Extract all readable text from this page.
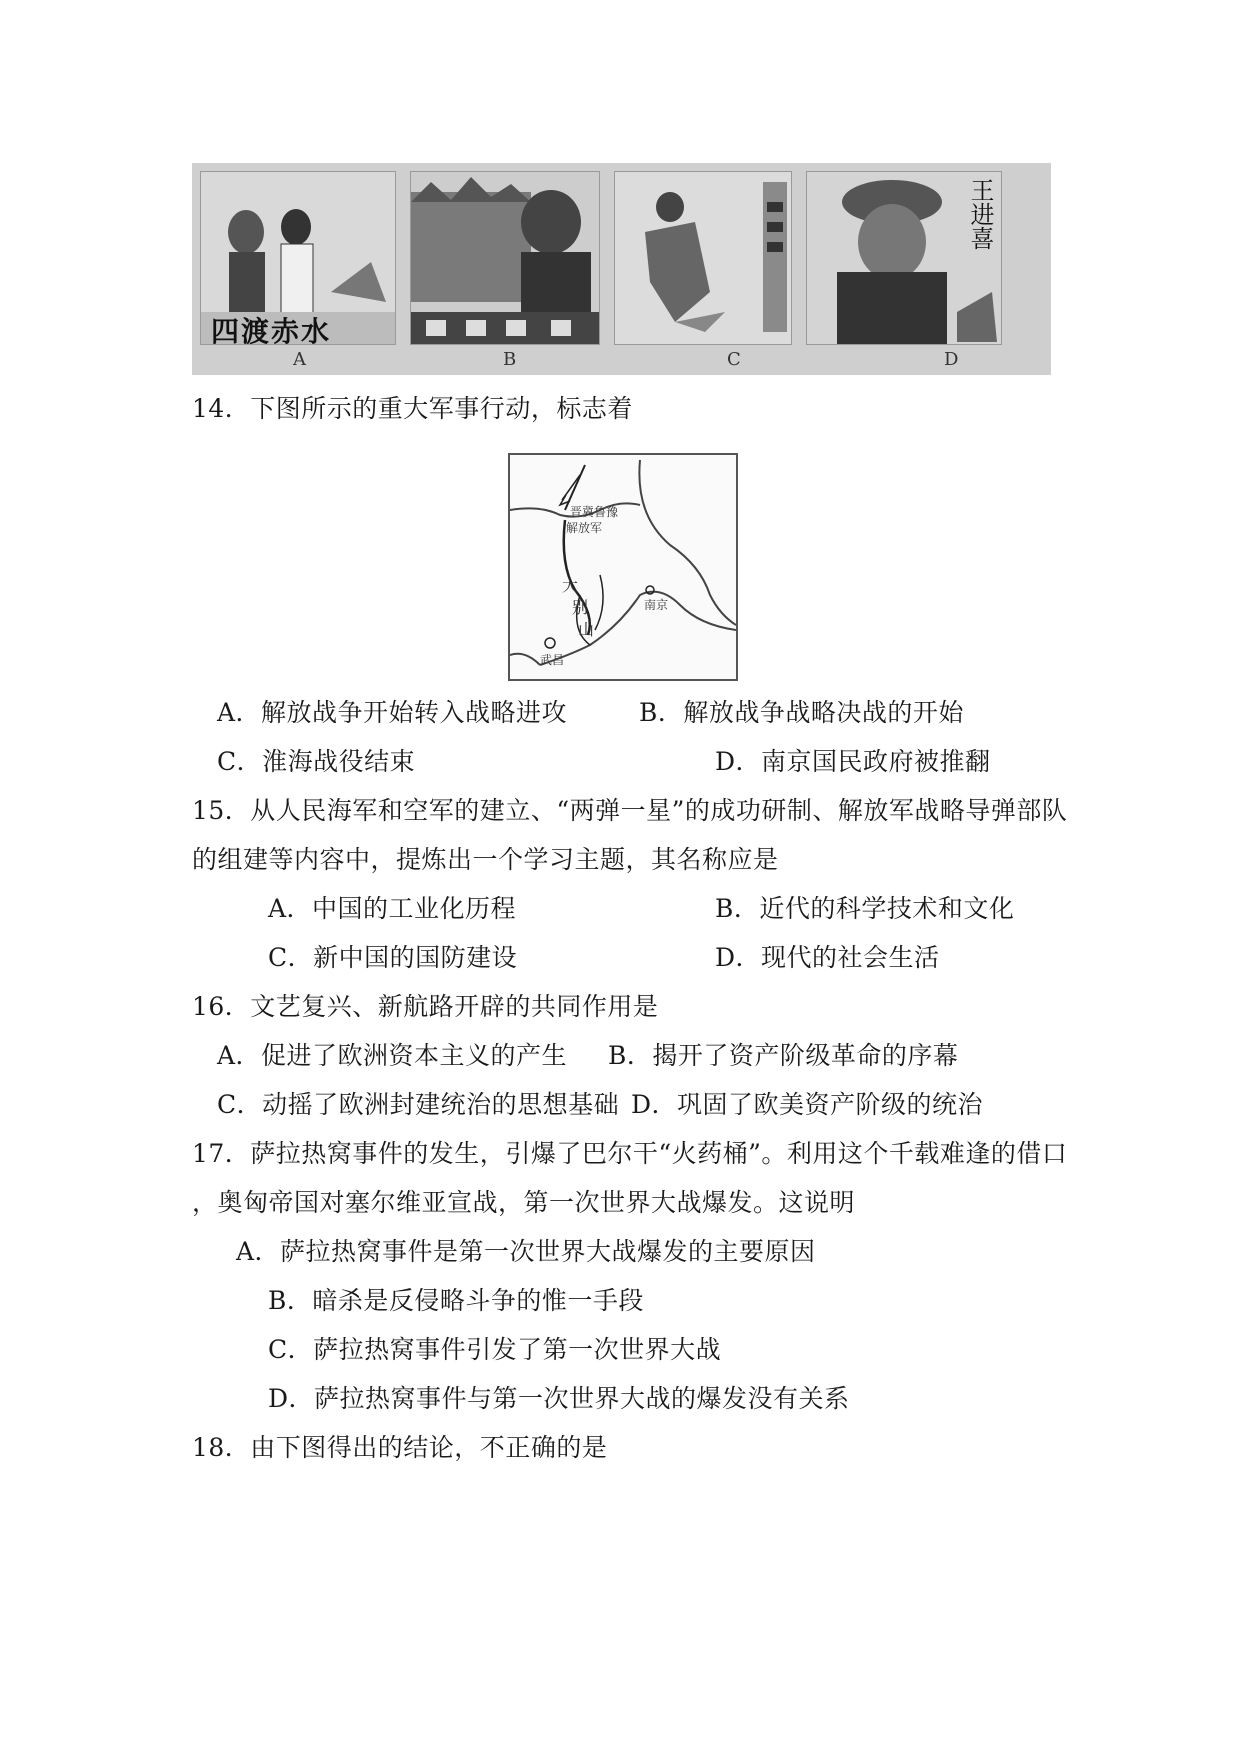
四渡赤水
王进喜
A	B	C	D
14．下图所示的重大军事行动，标志着
晋冀鲁豫
解放军
大
别
山
南京
武昌
A．解放战争开始转入战略进攻	B．解放战争战略决战的开始
C．淮海战役结束	D．南京国民政府被推翻
15．从人民海军和空军的建立、“两弹一星”的成功研制、解放军战略导弹部队
的组建等内容中，提炼出一个学习主题，其名称应是
A．中国的工业化历程	B．近代的科学技术和文化
C．新中国的国防建设	D．现代的社会生活
16．文艺复兴、新航路开辟的共同作用是
A．促进了欧洲资本主义的产生 B．揭开了资产阶级革命的序幕
C．动摇了欧洲封建统治的思想基础 D．巩固了欧美资产阶级的统治
17．萨拉热窝事件的发生，引爆了巴尔干“火药桶”。利用这个千载难逢的借口
，奥匈帝国对塞尔维亚宣战，第一次世界大战爆发。这说明
A．萨拉热窝事件是第一次世界大战爆发的主要原因
B．暗杀是反侵略斗争的惟一手段
C．萨拉热窝事件引发了第一次世界大战
D．萨拉热窝事件与第一次世界大战的爆发没有关系
18．由下图得出的结论，不正确的是
